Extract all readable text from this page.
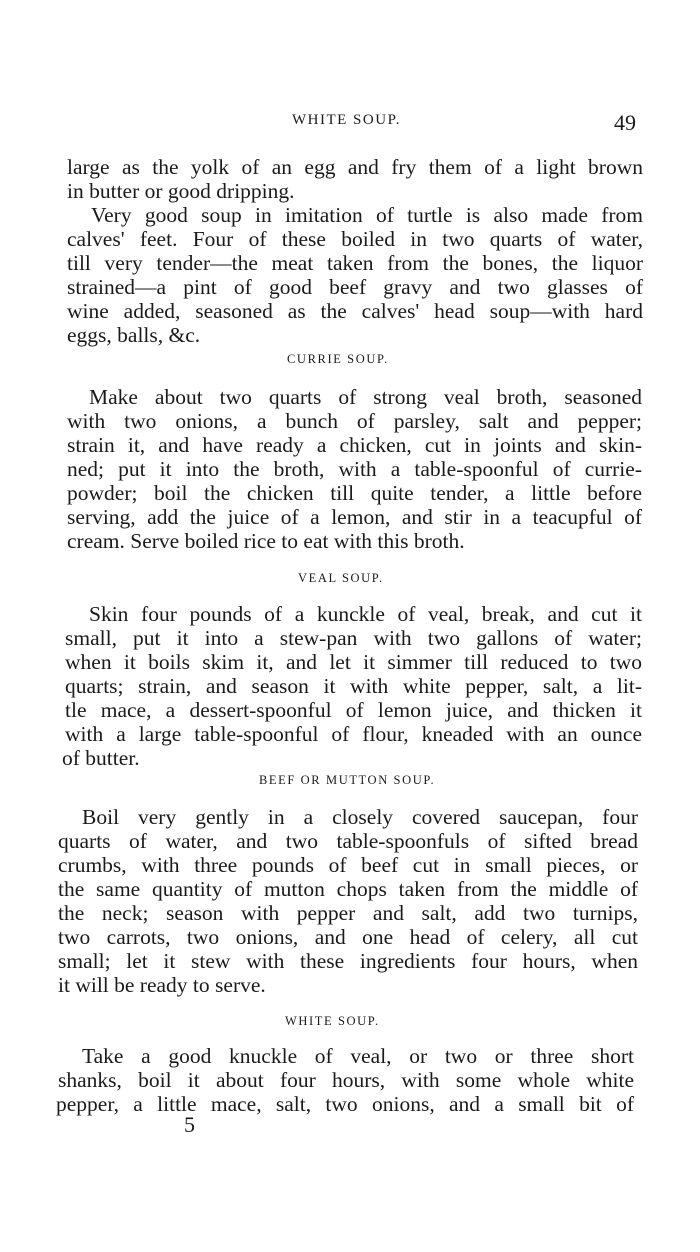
WHITE SOUP.	49
large as the yolk of an egg and fry them of a light brown
in butter or good dripping.
Very good soup in imitation of turtle is also made from
calves' feet. Four of these boiled in two quarts of water,
till very tender—the meat taken from the bones, the liquor
strained—a pint of good beef gravy and two glasses of
wine added, seasoned as the calves' head soup—with hard
eggs, balls, &c.
CURRIE SOUP.
Make about two quarts of strong veal broth, seasoned
with two onions, a bunch of parsley, salt and pepper;
strain it, and have ready a chicken, cut in joints and skin-
ned; put it into the broth, with a table-spoonful of currie-
powder; boil the chicken till quite tender, a little before
serving, add the juice of a lemon, and stir in a teacupful of
cream. Serve boiled rice to eat with this broth.
VEAL SOUP.
Skin four pounds of a kunckle of veal, break, and cut it
small, put it into a stew-pan with two gallons of water;
when it boils skim it, and let it simmer till reduced to two
quarts; strain, and season it with white pepper, salt, a lit-
tle mace, a dessert-spoonful of lemon juice, and thicken it
with a large table-spoonful of flour, kneaded with an ounce
of butter.
BEEF OR MUTTON SOUP.
Boil very gently in a closely covered saucepan, four
quarts of water, and two table-spoonfuls of sifted bread
crumbs, with three pounds of beef cut in small pieces, or
the same quantity of mutton chops taken from the middle of
the neck; season with pepper and salt, add two turnips,
two carrots, two onions, and one head of celery, all cut
small; let it stew with these ingredients four hours, when
it will be ready to serve.
WHITE SOUP.
Take a good knuckle of veal, or two or three short
shanks, boil it about four hours, with some whole white
pepper, a little mace, salt, two onions, and a small bit of
5
